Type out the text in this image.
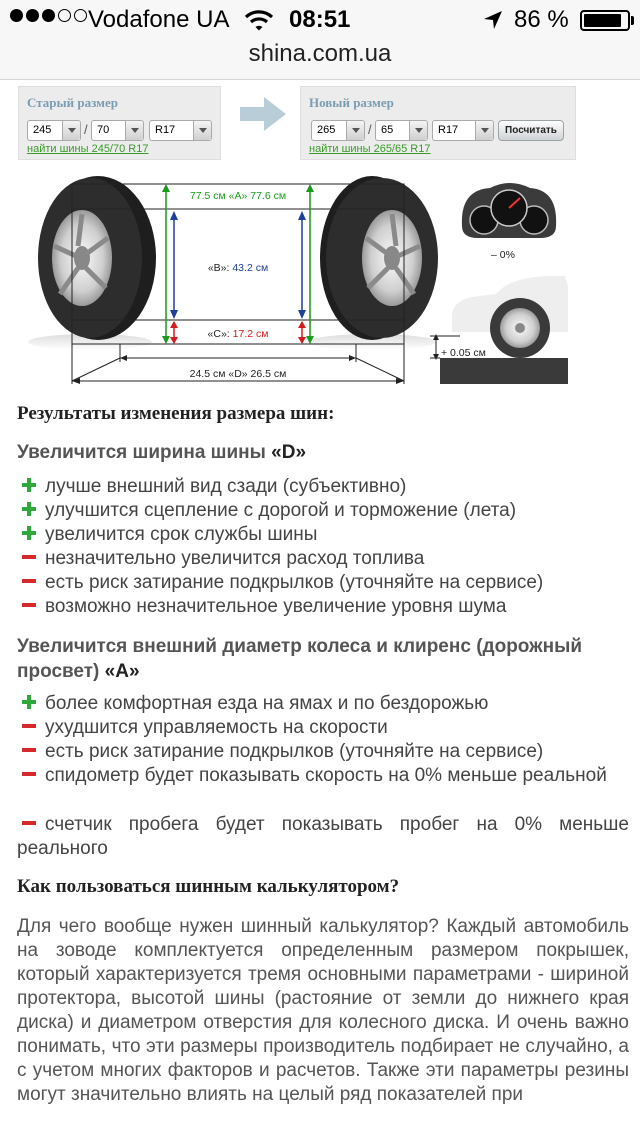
Vodafone UA 08:51	86 %
shina.com.ua
Старый размер
245	/ 70	R17
найти шины 245/70 R17
Новый размер
265	/ 65	R17	Посчитать
найти шины 265/65 R17
77.5 см «А» 77.6 см
«B»: 43.2 см
«C»: 17.2 см
24.5 см «D» 26.5 см
– 0%
+ 0.05 см
Результаты изменения размера шин:
Увеличится ширина шины «D»
лучше внешний вид сзади (субъективно)
улучшится сцепление с дорогой и торможение (лета)
увеличится срок службы шины
незначительно увеличится расход топлива
есть риск затирание подкрылков (уточняйте на сервисе)
возможно незначительное увеличение уровня шума
Увеличится внешний диаметр колеса и клиренс (дорожный просвет) «А»
более комфортная езда на ямах и по бездорожью
ухудшится управляемость на скорости
есть риск затирание подкрылков (уточняйте на сервисе)
спидометр будет показывать скорость на 0% меньше реальной
счетчик пробега будет показывать пробег на 0% меньше реального
Как пользоваться шинным калькулятором?
Для чего вообще нужен шинный калькулятор? Каждый автомобиль на зоводе комплектуется определенным размером покрышек, который характеризуется тремя основными параметрами - шириной протектора, высотой шины (растояние от земли до нижнего края диска) и диаметром отверстия для колесного диска. И очень важно понимать, что эти размеры производитель подбирает не случайно, а с учетом многих факторов и расчетов. Также эти параметры резины могут значительно влиять на целый ряд показателей при
